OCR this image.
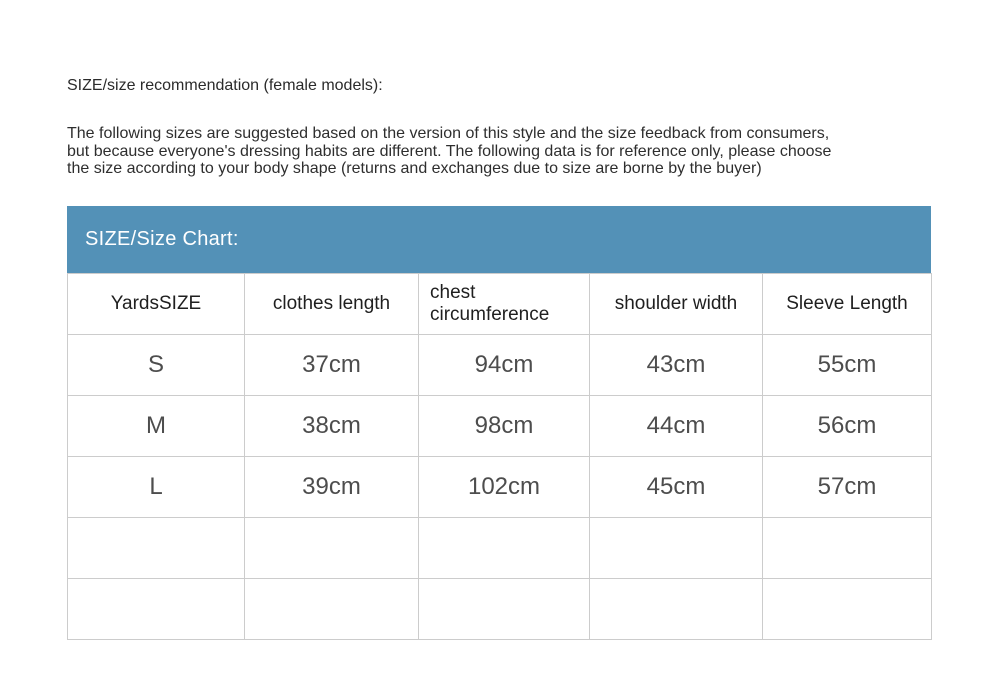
SIZE/size recommendation (female models):
The following sizes are suggested based on the version of this style and the size feedback from consumers,
but because everyone's dressing habits are different. The following data is for reference only, please choose
the size according to your body shape (returns and exchanges due to size are borne by the buyer)
SIZE/Size Chart:
YardsSIZE	clothes length	chest circumference	shoulder width	Sleeve Length
S	37cm	94cm	43cm	55cm
M	38cm	98cm	44cm	56cm
L	39cm	102cm	45cm	57cm
